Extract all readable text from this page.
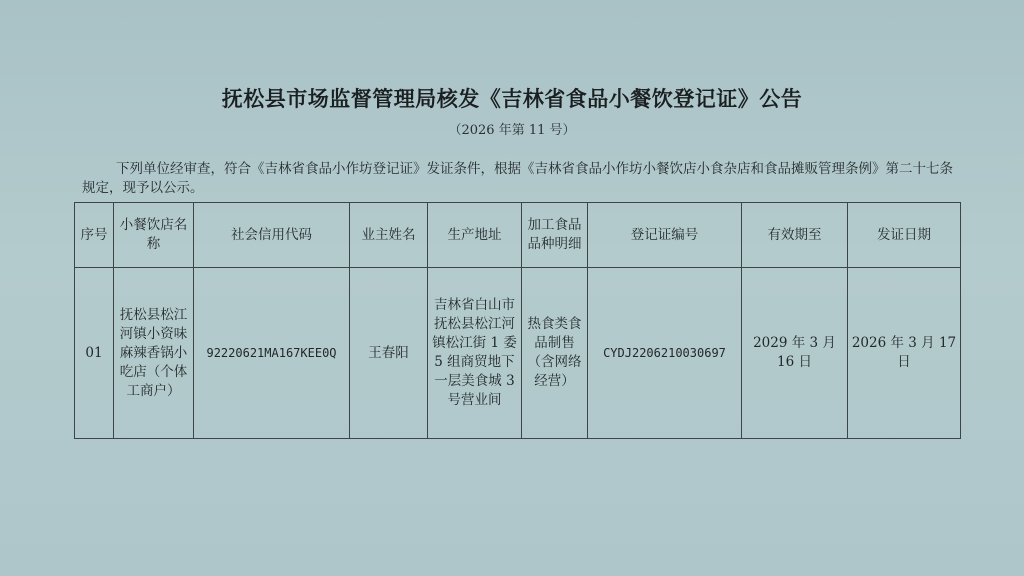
抚松县市场监督管理局核发《吉林省食品小餐饮登记证》公告
（2026 年第 11 号）
下列单位经审查，符合《吉林省食品小作坊登记证》发证条件，根据《吉林省食品小作坊小餐饮店小食杂店和食品摊贩管理条例》第二十七条规定，现予以公示。
序号	小餐饮店名称	社会信用代码	业主姓名	生产地址	加工食品品种明细	登记证编号	有效期至	发证日期
01	抚松县松江河镇小资味麻辣香锅小吃店（个体工商户）	92220621MA167KEE0Q	王春阳	吉林省白山市抚松县松江河镇松江街 1 委 5 组商贸地下一层美食城 3 号营业间	热食类食品制售（含网络经营）	CYDJ2206210030697	2029 年 3 月 16 日	2026 年 3 月 17 日
